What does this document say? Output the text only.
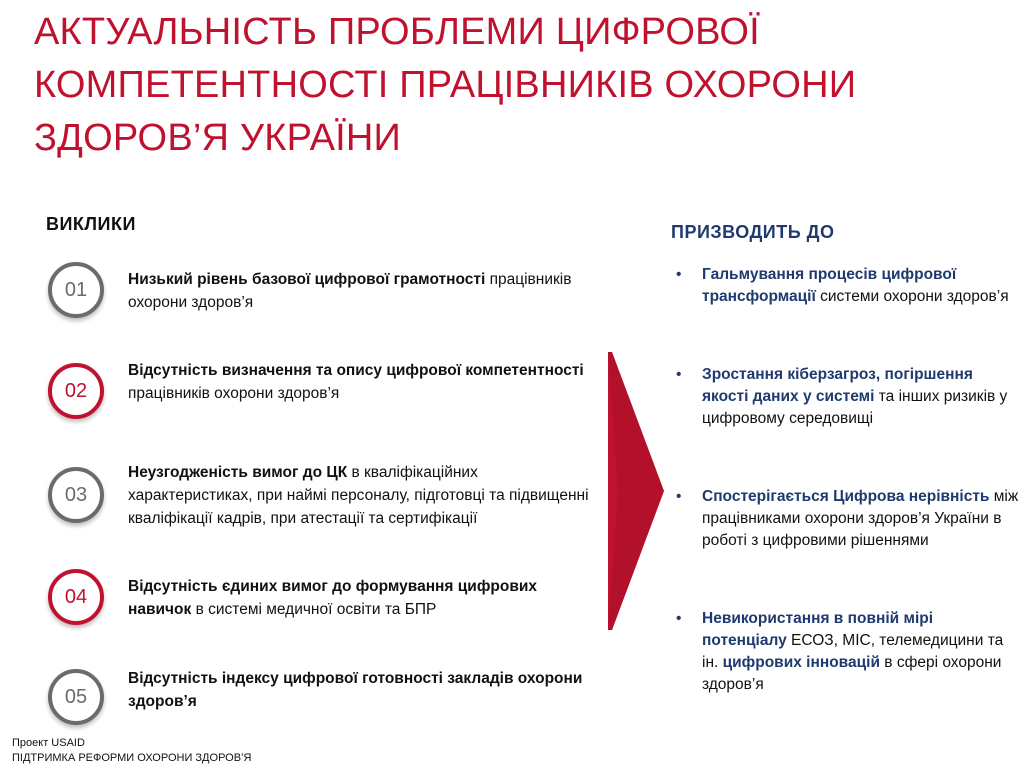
АКТУАЛЬНІСТЬ ПРОБЛЕМИ ЦИФРОВОЇ КОМПЕТЕНТНОСТІ ПРАЦІВНИКІВ ОХОРОНИ ЗДОРОВ’Я УКРАЇНИ
ВИКЛИКИ
01	Низький рівень базової цифрової грамотності працівників охорони здоров’я
02
Відсутність визначення та опису цифрової компетентності працівників охорони здоров’я
03
Неузгодженість вимог до ЦК в кваліфікаційних характеристиках, при наймі персоналу, підготовці та підвищенні кваліфікації кадрів, при атестації та сертифікації
04	Відсутність єдиних вимог до формування цифрових навичок в системі медичної освіти та БПР
05
Відсутність індексу цифрової готовності закладів охорони здоров’я
ПРИЗВОДИТЬ ДО
• Гальмування процесів цифрової трансформації системи охорони здоров’я
• Зростання кіберзагроз, погіршення якості даних у системі та інших ризиків у цифровому середовищі
• Спостерігається Цифрова нерівність між працівниками охорони здоров’я України в роботі з цифровими рішеннями
• Невикористання в повній мірі потенціалу ЕСОЗ, МІС, телемедицини та ін. цифрових інновацій в сфері охорони здоров’я
Проект USAID
ПІДТРИМКА РЕФОРМИ ОХОРОНИ ЗДОРОВ’Я
